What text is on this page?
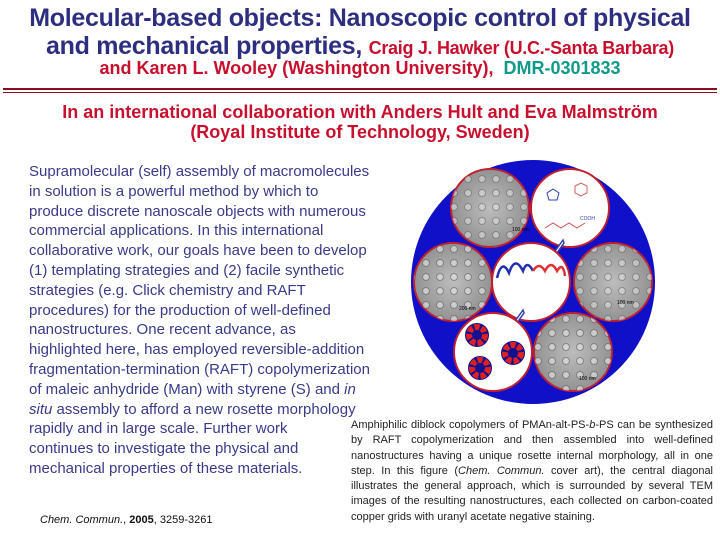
Molecular-based objects: Nanoscopic control of physical
and mechanical properties, Craig J. Hawker (U.C.-Santa Barbara)
and Karen L. Wooley (Washington University), DMR-0301833
In an international collaboration with Anders Hult and Eva Malmström
(Royal Institute of Technology, Sweden)
Supramolecular (self) assembly of macromolecules
in solution is a powerful method by which to
produce discrete nanoscale objects with numerous
commercial applications. In this international
collaborative work, our goals have been to develop
(1) templating strategies and (2) facile synthetic
strategies (e.g. Click chemistry and RAFT
procedures) for the production of well-defined
nanostructures. One recent advance, as
highlighted here, has employed reversible-addition
fragmentation-termination (RAFT) copolymerization
of maleic anhydride (Man) with styrene (S) and in
situ assembly to afford a new rosette morphology
rapidly and in large scale. Further work
continues to investigate the physical and
mechanical properties of these materials.
COOH
100 nm
100 nm
200 nm
100 nm
Amphiphilic diblock copolymers of PMAn-alt-PS-b-PS can be synthesized by RAFT copolymerization and then assembled into well-defined nanostructures having a unique rosette internal morphology, all in one step. In this figure (Chem. Commun. cover art), the central diagonal illustrates the general approach, which is surrounded by several TEM images of the resulting nanostructures, each collected on carbon-coated copper grids with uranyl acetate negative staining.
Chem. Commun., 2005, 3259-3261
